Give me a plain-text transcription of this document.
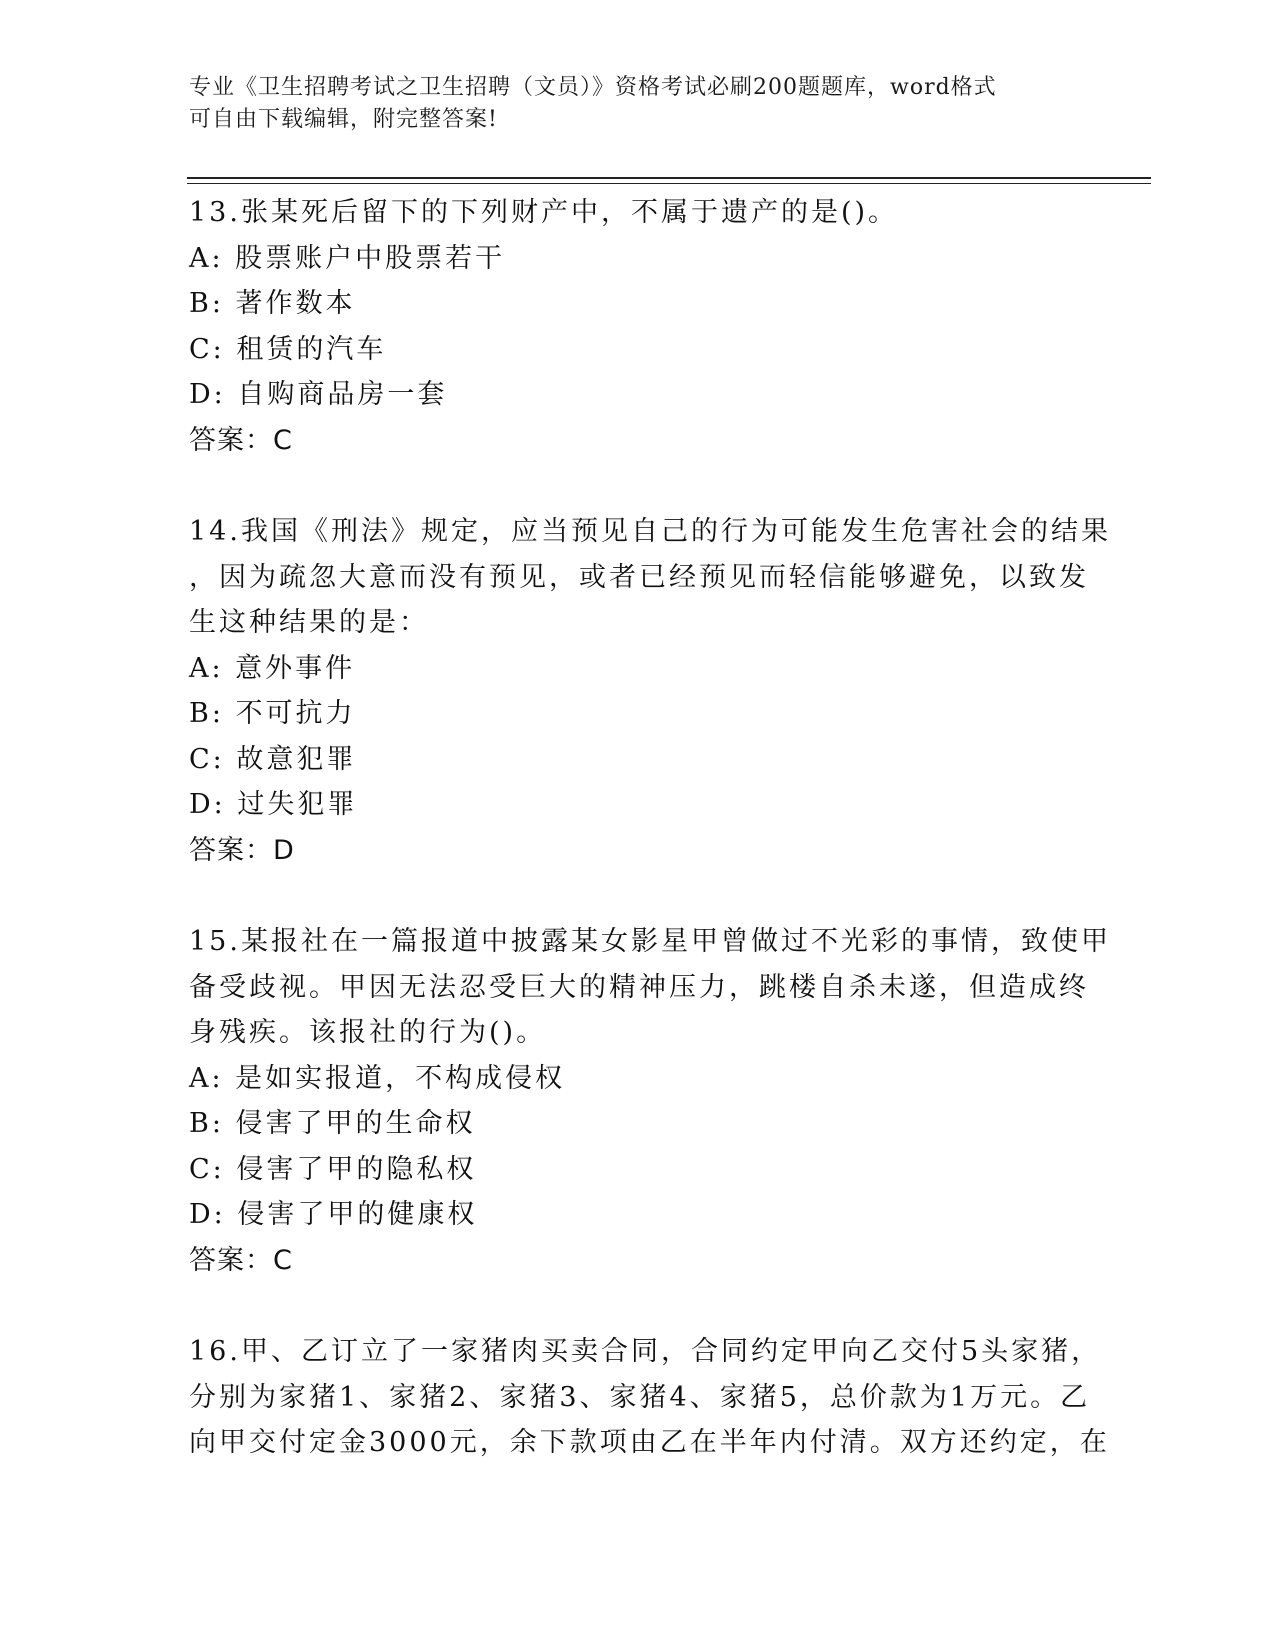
专业《卫生招聘考试之卫生招聘（文员）》资格考试必刷200题题库，word格式
可自由下载编辑，附完整答案!
13.张某死后留下的下列财产中，不属于遗产的是()。
A: 股票账户中股票若干
B: 著作数本
C: 租赁的汽车
D: 自购商品房一套
答案：C
14.我国《刑法》规定，应当预见自己的行为可能发生危害社会的结果
，因为疏忽大意而没有预见，或者已经预见而轻信能够避免，以致发
生这种结果的是：
A: 意外事件
B: 不可抗力
C: 故意犯罪
D: 过失犯罪
答案：D
15.某报社在一篇报道中披露某女影星甲曾做过不光彩的事情，致使甲
备受歧视。甲因无法忍受巨大的精神压力，跳楼自杀未遂，但造成终
身残疾。该报社的行为()。
A: 是如实报道，不构成侵权
B: 侵害了甲的生命权
C: 侵害了甲的隐私权
D: 侵害了甲的健康权
答案：C
16.甲、乙订立了一家猪肉买卖合同，合同约定甲向乙交付5头家猪，
分别为家猪1、家猪2、家猪3、家猪4、家猪5，总价款为1万元。乙
向甲交付定金3000元，余下款项由乙在半年内付清。双方还约定，在
